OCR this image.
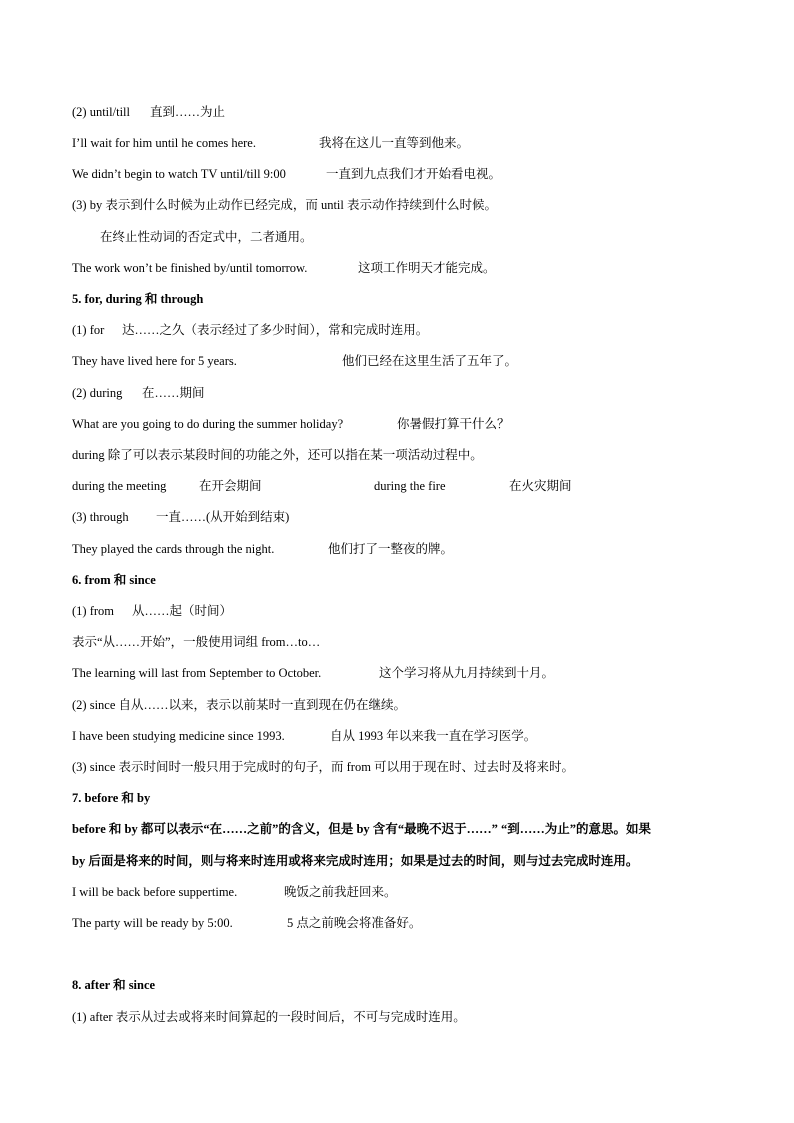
(2) until/till 直到……为止
I’ll wait for him until he comes here.	我将在这儿一直等到他来。
We didn’t begin to watch TV until/till 9:00	一直到九点我们才开始看电视。
(3) by 表示到什么时候为止动作已经完成，而 until 表示动作持续到什么时候。
在终止性动词的否定式中，二者通用。
The work won’t be finished by/until tomorrow.	这项工作明天才能完成。
5. for, during 和 through
(1) for 达……之久（表示经过了多少时间），常和完成时连用。
They have lived here for 5 years.	他们已经在这里生活了五年了。
(2) during 在……期间
What are you going to do during the summer holiday?	你暑假打算干什么？
during 除了可以表示某段时间的功能之外，还可以指在某一项活动过程中。
during the meeting	在开会期间	during the fire	在火灾期间
(3) through 一直……(从开始到结束)
They played the cards through the night.	他们打了一整夜的牌。
6. from 和 since
(1) from 从……起（时间）
表示“从……开始”，一般使用词组 from…to…
The learning will last from September to October.	这个学习将从九月持续到十月。
(2) since 自从……以来，表示以前某时一直到现在仍在继续。
I have been studying medicine since 1993.	自从 1993 年以来我一直在学习医学。
(3) since 表示时间时一般只用于完成时的句子，而 from 可以用于现在时、过去时及将来时。
7. before 和 by
before 和 by 都可以表示“在……之前”的含义，但是 by 含有“最晚不迟于……” “到……为止”的意思。如果
by 后面是将来的时间，则与将来时连用或将来完成时连用；如果是过去的时间，则与过去完成时连用。
I will be back before suppertime.	晚饭之前我赶回来。
The party will be ready by 5:00.	5 点之前晚会将准备好。
8. after 和 since
(1) after 表示从过去或将来时间算起的一段时间后，不可与完成时连用。
